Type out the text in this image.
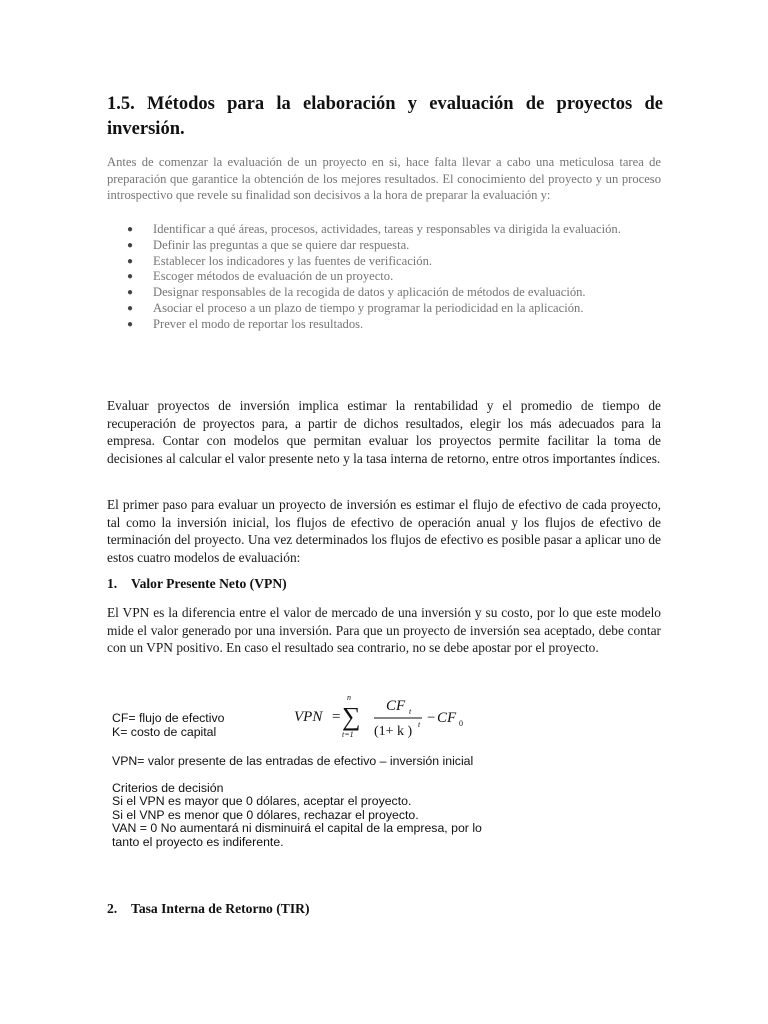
1.5. Métodos para la elaboración y evaluación de proyectos de inversión.
Antes de comenzar la evaluación de un proyecto en si, hace falta llevar a cabo una meticulosa tarea de preparación que garantice la obtención de los mejores resultados. El conocimiento del proyecto y un proceso introspectivo que revele su finalidad son decisivos a la hora de preparar la evaluación y:
● Identificar a qué áreas, procesos, actividades, tareas y responsables va dirigida la evaluación.
● Definir las preguntas a que se quiere dar respuesta.
● Establecer los indicadores y las fuentes de verificación.
● Escoger métodos de evaluación de un proyecto.
● Designar responsables de la recogida de datos y aplicación de métodos de evaluación.
● Asociar el proceso a un plazo de tiempo y programar la periodicidad en la aplicación.
● Prever el modo de reportar los resultados.
Evaluar proyectos de inversión implica estimar la rentabilidad y el promedio de tiempo de recuperación de proyectos para, a partir de dichos resultados, elegir los más adecuados para la empresa. Contar con modelos que permitan evaluar los proyectos permite facilitar la toma de decisiones al calcular el valor presente neto y la tasa interna de retorno, entre otros importantes índices.
El primer paso para evaluar un proyecto de inversión es estimar el flujo de efectivo de cada proyecto, tal como la inversión inicial, los flujos de efectivo de operación anual y los flujos de efectivo de terminación del proyecto. Una vez determinados los flujos de efectivo es posible pasar a aplicar uno de estos cuatro modelos de evaluación:
1. Valor Presente Neto (VPN)
El VPN es la diferencia entre el valor de mercado de una inversión y su costo, por lo que este modelo mide el valor generado por una inversión. Para que un proyecto de inversión sea aceptado, debe contar con un VPN positivo. En caso el resultado sea contrario, no se debe apostar por el proyecto.
VPN = ∑
n
t=1
CF t
(1+ k ) t − CF 0
CF= flujo de efectivo
K= costo de capital
VPN= valor presente de las entradas de efectivo – inversión inicial
Criterios de decisión
Si el VPN es mayor que 0 dólares, aceptar el proyecto.
Si el VNP es menor que 0 dólares, rechazar el proyecto.
VAN = 0 No aumentará ni disminuirá el capital de la empresa, por lo
tanto el proyecto es indiferente.
2. Tasa Interna de Retorno (TIR)
